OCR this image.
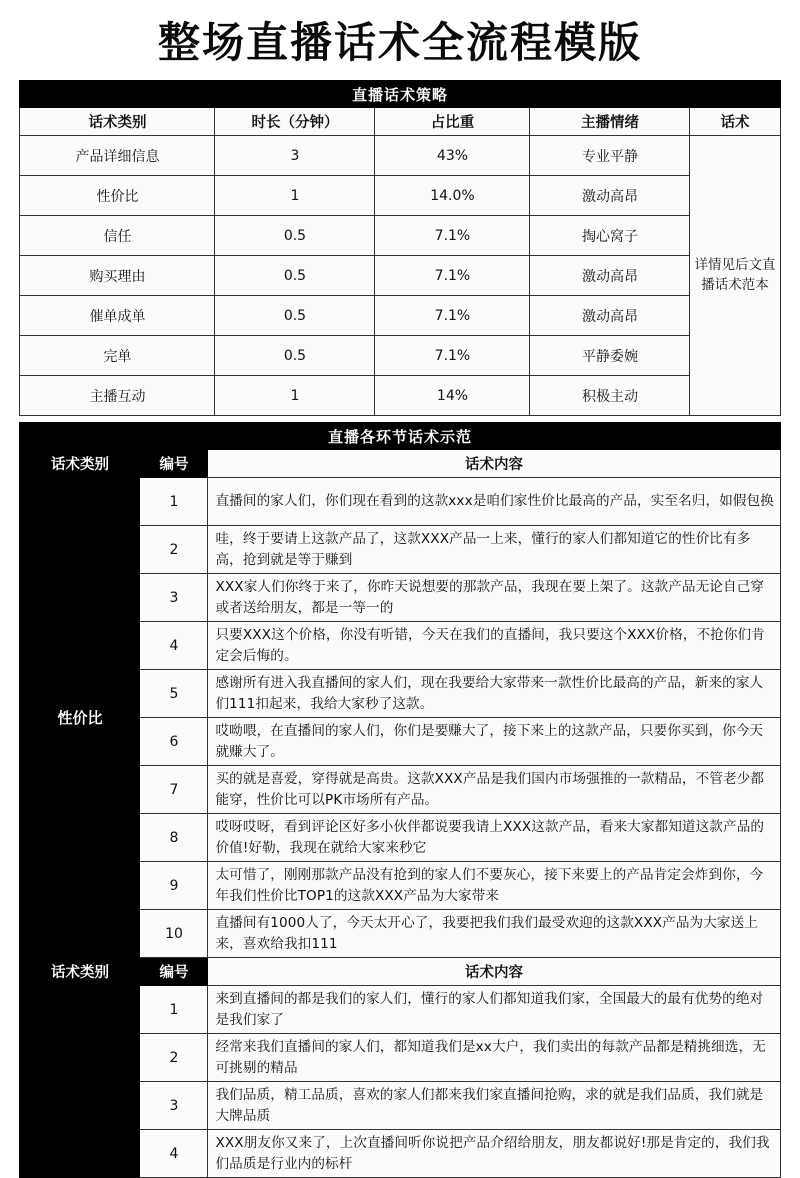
整场直播话术全流程模版
直播话术策略				
话术类别	时长（分钟）	占比重	主播情绪	话术
产品详细信息	3	43%	专业平静	详情见后文直播话术范本
性价比	1	14.0%	激动高昂	
信任	0.5	7.1%	掏心窝子	
购买理由	0.5	7.1%	激动高昂	
催单成单	0.5	7.1%	激动高昂	
完单	0.5	7.1%	平静委婉	
主播互动	1	14%	积极主动	
直播各环节话术示范		
话术类别	编号	话术内容
性价比	1	直播间的家人们，你们现在看到的这款xxx是咱们家性价比最高的产品，实至名归，如假包换
	2	哇，终于要请上这款产品了，这款XXX产品一上来，懂行的家人们都知道它的性价比有多高，抢到就是等于赚到
	3	XXX家人们你终于来了，你昨天说想要的那款产品，我现在要上架了。这款产品无论自己穿或者送给朋友，都是一等一的
	4	只要XXX这个价格，你没有听错，今天在我们的直播间，我只要这个XXX价格，不抢你们肯定会后悔的。
	5	感谢所有进入我直播间的家人们，现在我要给大家带来一款性价比最高的产品，新来的家人们111扣起来，我给大家秒了这款。
	6	哎呦喂，在直播间的家人们，你们是要赚大了，接下来上的这款产品，只要你买到，你今天就赚大了。
	7	买的就是喜爱，穿得就是高贵。这款XXX产品是我们国内市场强推的一款精品，不管老少都能穿，性价比可以PK市场所有产品。
	8	哎呀哎呀，看到评论区好多小伙伴都说要我请上XXX这款产品，看来大家都知道这款产品的价值!好勒，我现在就给大家来秒它
	9	太可惜了，刚刚那款产品没有抢到的家人们不要灰心，接下来要上的产品肯定会炸到你，今年我们性价比TOP1的这款XXX产品为大家带来
	10	直播间有1000人了，今天太开心了，我要把我们我们最受欢迎的这款XXX产品为大家送上来，喜欢给我扣111
话术类别	编号	话术内容
	1	来到直播间的都是我们的家人们，懂行的家人们都知道我们家，全国最大的最有优势的绝对是我们家了
	2	经常来我们直播间的家人们，都知道我们是xx大户，我们卖出的每款产品都是精挑细选，无可挑剔的精品
	3	我们品质，精工品质，喜欢的家人们都来我们家直播间抢购，求的就是我们品质，我们就是大牌品质
	4	XXX朋友你又来了，上次直播间听你说把产品介绍给朋友，朋友都说好!那是肯定的，我们我们品质是行业内的标杆
